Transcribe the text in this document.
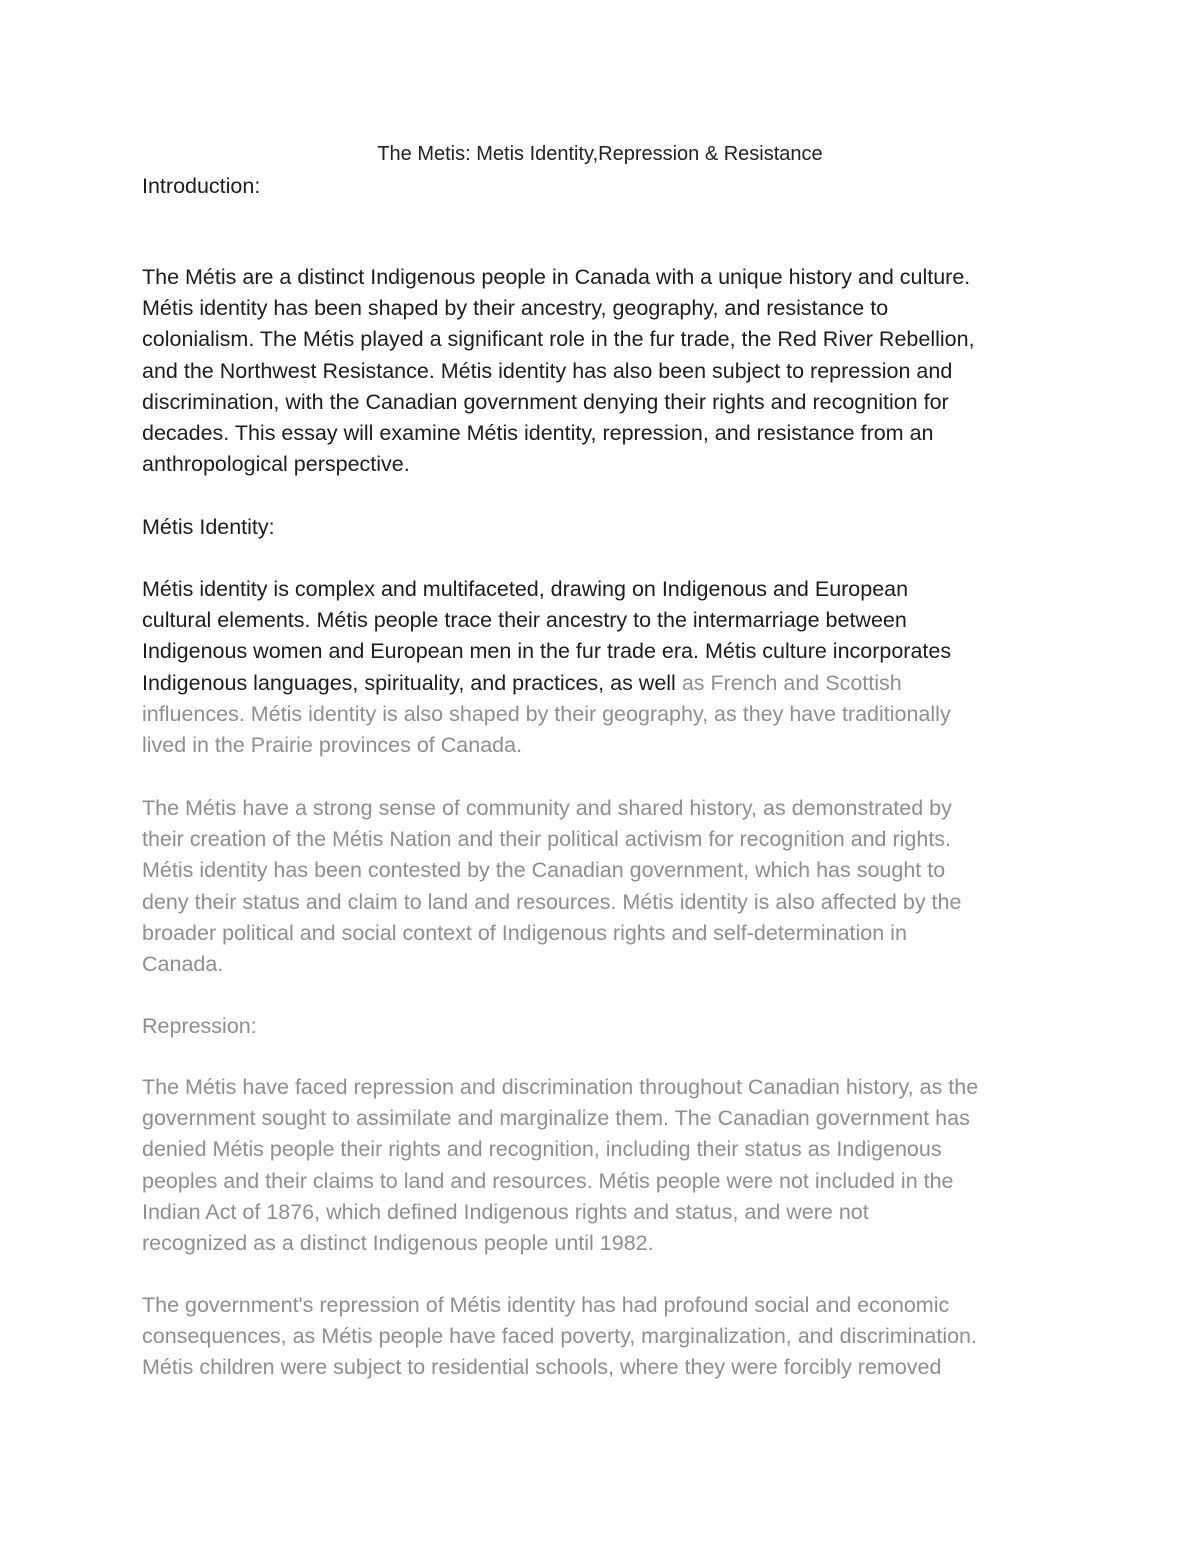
The Metis: Metis Identity,Repression & Resistance

Introduction:

The Métis are a distinct Indigenous people in Canada with a unique history and culture.
Métis identity has been shaped by their ancestry, geography, and resistance to
colonialism. The Métis played a significant role in the fur trade, the Red River Rebellion,
and the Northwest Resistance. Métis identity has also been subject to repression and
discrimination, with the Canadian government denying their rights and recognition for
decades. This essay will examine Métis identity, repression, and resistance from an
anthropological perspective.

Métis Identity:

Métis identity is complex and multifaceted, drawing on Indigenous and European
cultural elements. Métis people trace their ancestry to the intermarriage between
Indigenous women and European men in the fur trade era. Métis culture incorporates
Indigenous languages, spirituality, and practices, as well as French and Scottish
influences. Métis identity is also shaped by their geography, as they have traditionally
lived in the Prairie provinces of Canada.

The Métis have a strong sense of community and shared history, as demonstrated by
their creation of the Métis Nation and their political activism for recognition and rights.
Métis identity has been contested by the Canadian government, which has sought to
deny their status and claim to land and resources. Métis identity is also affected by the
broader political and social context of Indigenous rights and self-determination in
Canada.

Repression:

The Métis have faced repression and discrimination throughout Canadian history, as the
government sought to assimilate and marginalize them. The Canadian government has
denied Métis people their rights and recognition, including their status as Indigenous
peoples and their claims to land and resources. Métis people were not included in the
Indian Act of 1876, which defined Indigenous rights and status, and were not
recognized as a distinct Indigenous people until 1982.

The government's repression of Métis identity has had profound social and economic
consequences, as Métis people have faced poverty, marginalization, and discrimination.
Métis children were subject to residential schools, where they were forcibly removed
